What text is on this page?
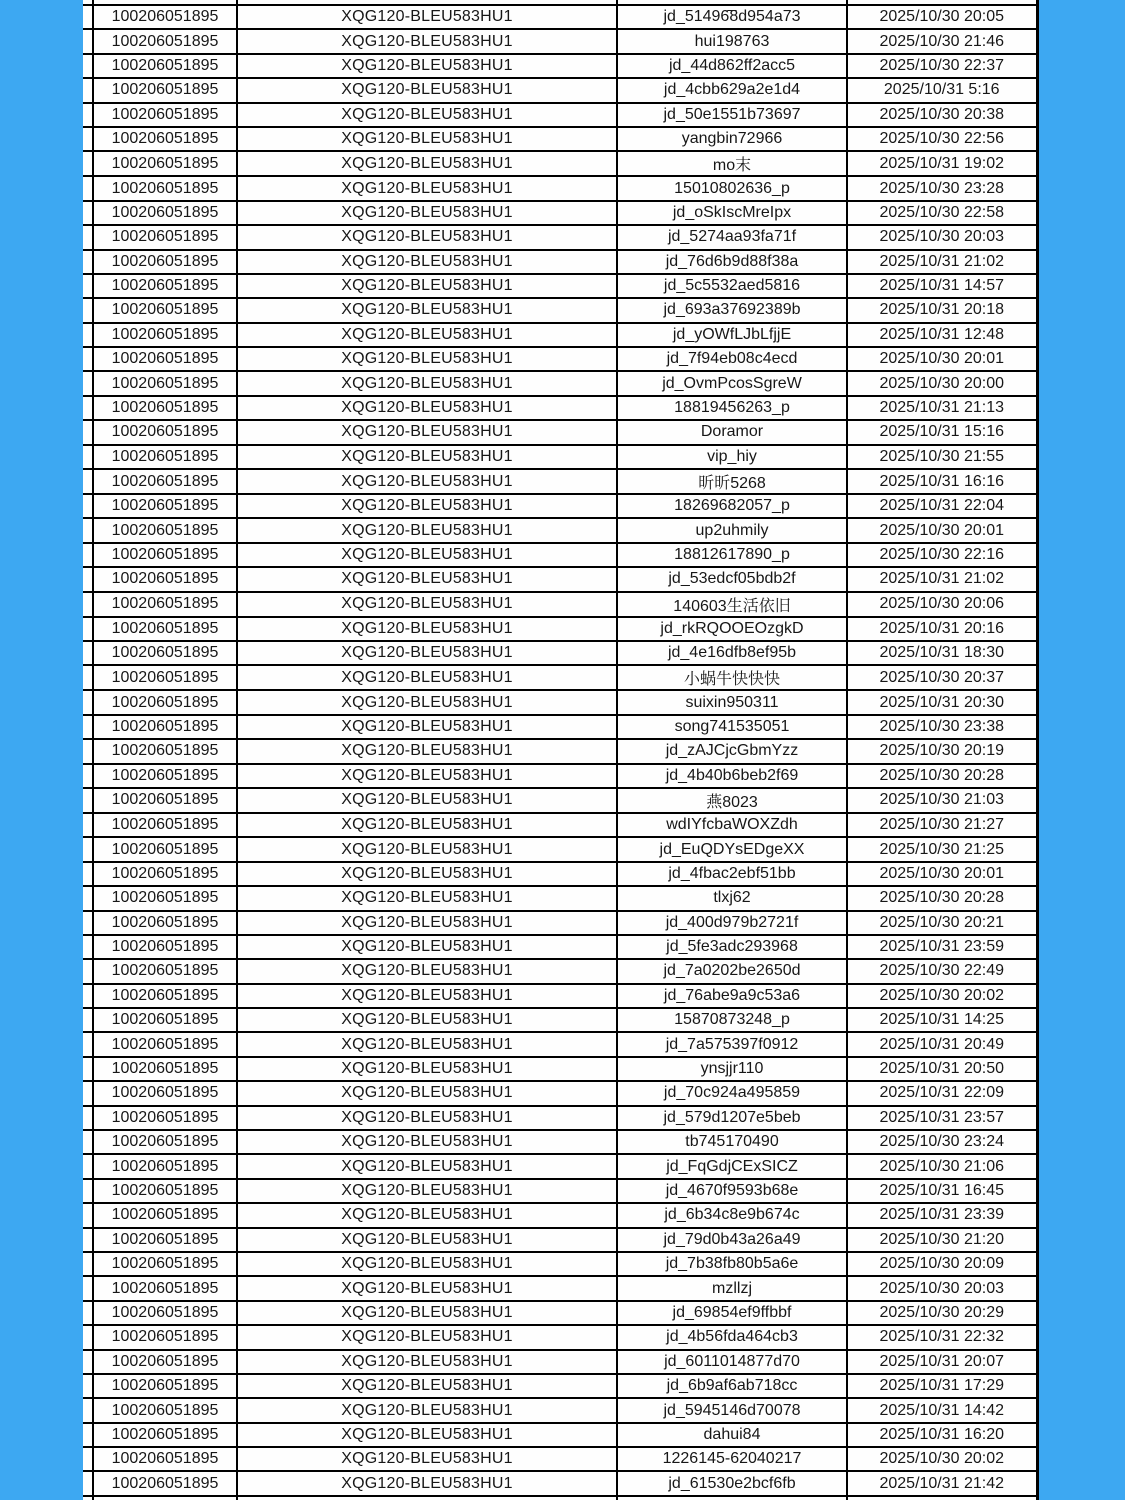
	100206051895	XQG120-BLEU583HU1	jd_514968d954a73	2025/10/30 20:05
	100206051895	XQG120-BLEU583HU1	hui198763	2025/10/30 21:46
	100206051895	XQG120-BLEU583HU1	jd_44d862ff2acc5	2025/10/30 22:37
	100206051895	XQG120-BLEU583HU1	jd_4cbb629a2e1d4	2025/10/31 5:16
	100206051895	XQG120-BLEU583HU1	jd_50e1551b73697	2025/10/30 20:38
	100206051895	XQG120-BLEU583HU1	yangbin72966	2025/10/30 22:56
	100206051895	XQG120-BLEU583HU1	mo末	2025/10/31 19:02
	100206051895	XQG120-BLEU583HU1	15010802636_p	2025/10/30 23:28
	100206051895	XQG120-BLEU583HU1	jd_oSkIscMreIpx	2025/10/30 22:58
	100206051895	XQG120-BLEU583HU1	jd_5274aa93fa71f	2025/10/30 20:03
	100206051895	XQG120-BLEU583HU1	jd_76d6b9d88f38a	2025/10/31 21:02
	100206051895	XQG120-BLEU583HU1	jd_5c5532aed5816	2025/10/31 14:57
	100206051895	XQG120-BLEU583HU1	jd_693a37692389b	2025/10/31 20:18
	100206051895	XQG120-BLEU583HU1	jd_yOWfLJbLfjjE	2025/10/31 12:48
	100206051895	XQG120-BLEU583HU1	jd_7f94eb08c4ecd	2025/10/30 20:01
	100206051895	XQG120-BLEU583HU1	jd_OvmPcosSgreW	2025/10/30 20:00
	100206051895	XQG120-BLEU583HU1	18819456263_p	2025/10/31 21:13
	100206051895	XQG120-BLEU583HU1	Doramor	2025/10/31 15:16
	100206051895	XQG120-BLEU583HU1	vip_hiy	2025/10/30 21:55
	100206051895	XQG120-BLEU583HU1	昕昕5268	2025/10/31 16:16
	100206051895	XQG120-BLEU583HU1	18269682057_p	2025/10/31 22:04
	100206051895	XQG120-BLEU583HU1	up2uhmily	2025/10/30 20:01
	100206051895	XQG120-BLEU583HU1	18812617890_p	2025/10/30 22:16
	100206051895	XQG120-BLEU583HU1	jd_53edcf05bdb2f	2025/10/31 21:02
	100206051895	XQG120-BLEU583HU1	140603生活依旧	2025/10/30 20:06
	100206051895	XQG120-BLEU583HU1	jd_rkRQOOEOzgkD	2025/10/31 20:16
	100206051895	XQG120-BLEU583HU1	jd_4e16dfb8ef95b	2025/10/31 18:30
	100206051895	XQG120-BLEU583HU1	小蜗牛快快快	2025/10/30 20:37
	100206051895	XQG120-BLEU583HU1	suixin950311	2025/10/31 20:30
	100206051895	XQG120-BLEU583HU1	song741535051	2025/10/30 23:38
	100206051895	XQG120-BLEU583HU1	jd_zAJCjcGbmYzz	2025/10/30 20:19
	100206051895	XQG120-BLEU583HU1	jd_4b40b6beb2f69	2025/10/30 20:28
	100206051895	XQG120-BLEU583HU1	燕8023	2025/10/30 21:03
	100206051895	XQG120-BLEU583HU1	wdIYfcbaWOXZdh	2025/10/30 21:27
	100206051895	XQG120-BLEU583HU1	jd_EuQDYsEDgeXX	2025/10/30 21:25
	100206051895	XQG120-BLEU583HU1	jd_4fbac2ebf51bb	2025/10/30 20:01
	100206051895	XQG120-BLEU583HU1	tlxj62	2025/10/30 20:28
	100206051895	XQG120-BLEU583HU1	jd_400d979b2721f	2025/10/30 20:21
	100206051895	XQG120-BLEU583HU1	jd_5fe3adc293968	2025/10/31 23:59
	100206051895	XQG120-BLEU583HU1	jd_7a0202be2650d	2025/10/30 22:49
	100206051895	XQG120-BLEU583HU1	jd_76abe9a9c53a6	2025/10/30 20:02
	100206051895	XQG120-BLEU583HU1	15870873248_p	2025/10/31 14:25
	100206051895	XQG120-BLEU583HU1	jd_7a575397f0912	2025/10/31 20:49
	100206051895	XQG120-BLEU583HU1	ynsjjr110	2025/10/31 20:50
	100206051895	XQG120-BLEU583HU1	jd_70c924a495859	2025/10/31 22:09
	100206051895	XQG120-BLEU583HU1	jd_579d1207e5beb	2025/10/31 23:57
	100206051895	XQG120-BLEU583HU1	tb745170490	2025/10/30 23:24
	100206051895	XQG120-BLEU583HU1	jd_FqGdjCExSICZ	2025/10/30 21:06
	100206051895	XQG120-BLEU583HU1	jd_4670f9593b68e	2025/10/31 16:45
	100206051895	XQG120-BLEU583HU1	jd_6b34c8e9b674c	2025/10/31 23:39
	100206051895	XQG120-BLEU583HU1	jd_79d0b43a26a49	2025/10/30 21:20
	100206051895	XQG120-BLEU583HU1	jd_7b38fb80b5a6e	2025/10/30 20:09
	100206051895	XQG120-BLEU583HU1	mzllzj	2025/10/30 20:03
	100206051895	XQG120-BLEU583HU1	jd_69854ef9ffbbf	2025/10/30 20:29
	100206051895	XQG120-BLEU583HU1	jd_4b56fda464cb3	2025/10/31 22:32
	100206051895	XQG120-BLEU583HU1	jd_6011014877d70	2025/10/31 20:07
	100206051895	XQG120-BLEU583HU1	jd_6b9af6ab718cc	2025/10/31 17:29
	100206051895	XQG120-BLEU583HU1	jd_5945146d70078	2025/10/31 14:42
	100206051895	XQG120-BLEU583HU1	dahui84	2025/10/31 16:20
	100206051895	XQG120-BLEU583HU1	1226145-62040217	2025/10/30 20:02
	100206051895	XQG120-BLEU583HU1	jd_61530e2bcf6fb	2025/10/31 21:42
